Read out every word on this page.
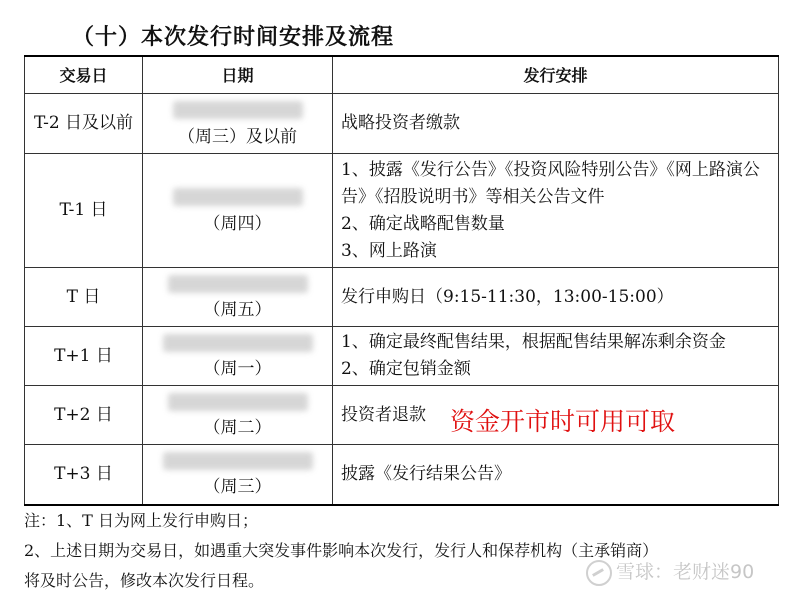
（十）本次发行时间安排及流程
交易日	日期	发行安排
T-2 日及以前	（周三）及以前	战略投资者缴款
T-1 日	（周四）	1、披露《发行公告》《投资风险特别公告》《网上路演公告》《招股说明书》等相关公告文件
2、确定战略配售数量
3、网上路演

T 日	（周五）	发行申购日（9:15-11:30，13:00-15:00）
T+1 日	（周一）	1、确定最终配售结果，根据配售结果解冻剩余资金
2、确定包销金额

T+2 日	（周二）	投资者退款
T+3 日	（周三）	披露《发行结果公告》
资金开市时可用可取
注：1、T 日为网上发行申购日；
2、上述日期为交易日，如遇重大突发事件影响本次发行，发行人和保荐机构（主承销商）
将及时公告，修改本次发行日程。	雪球：老财迷90
